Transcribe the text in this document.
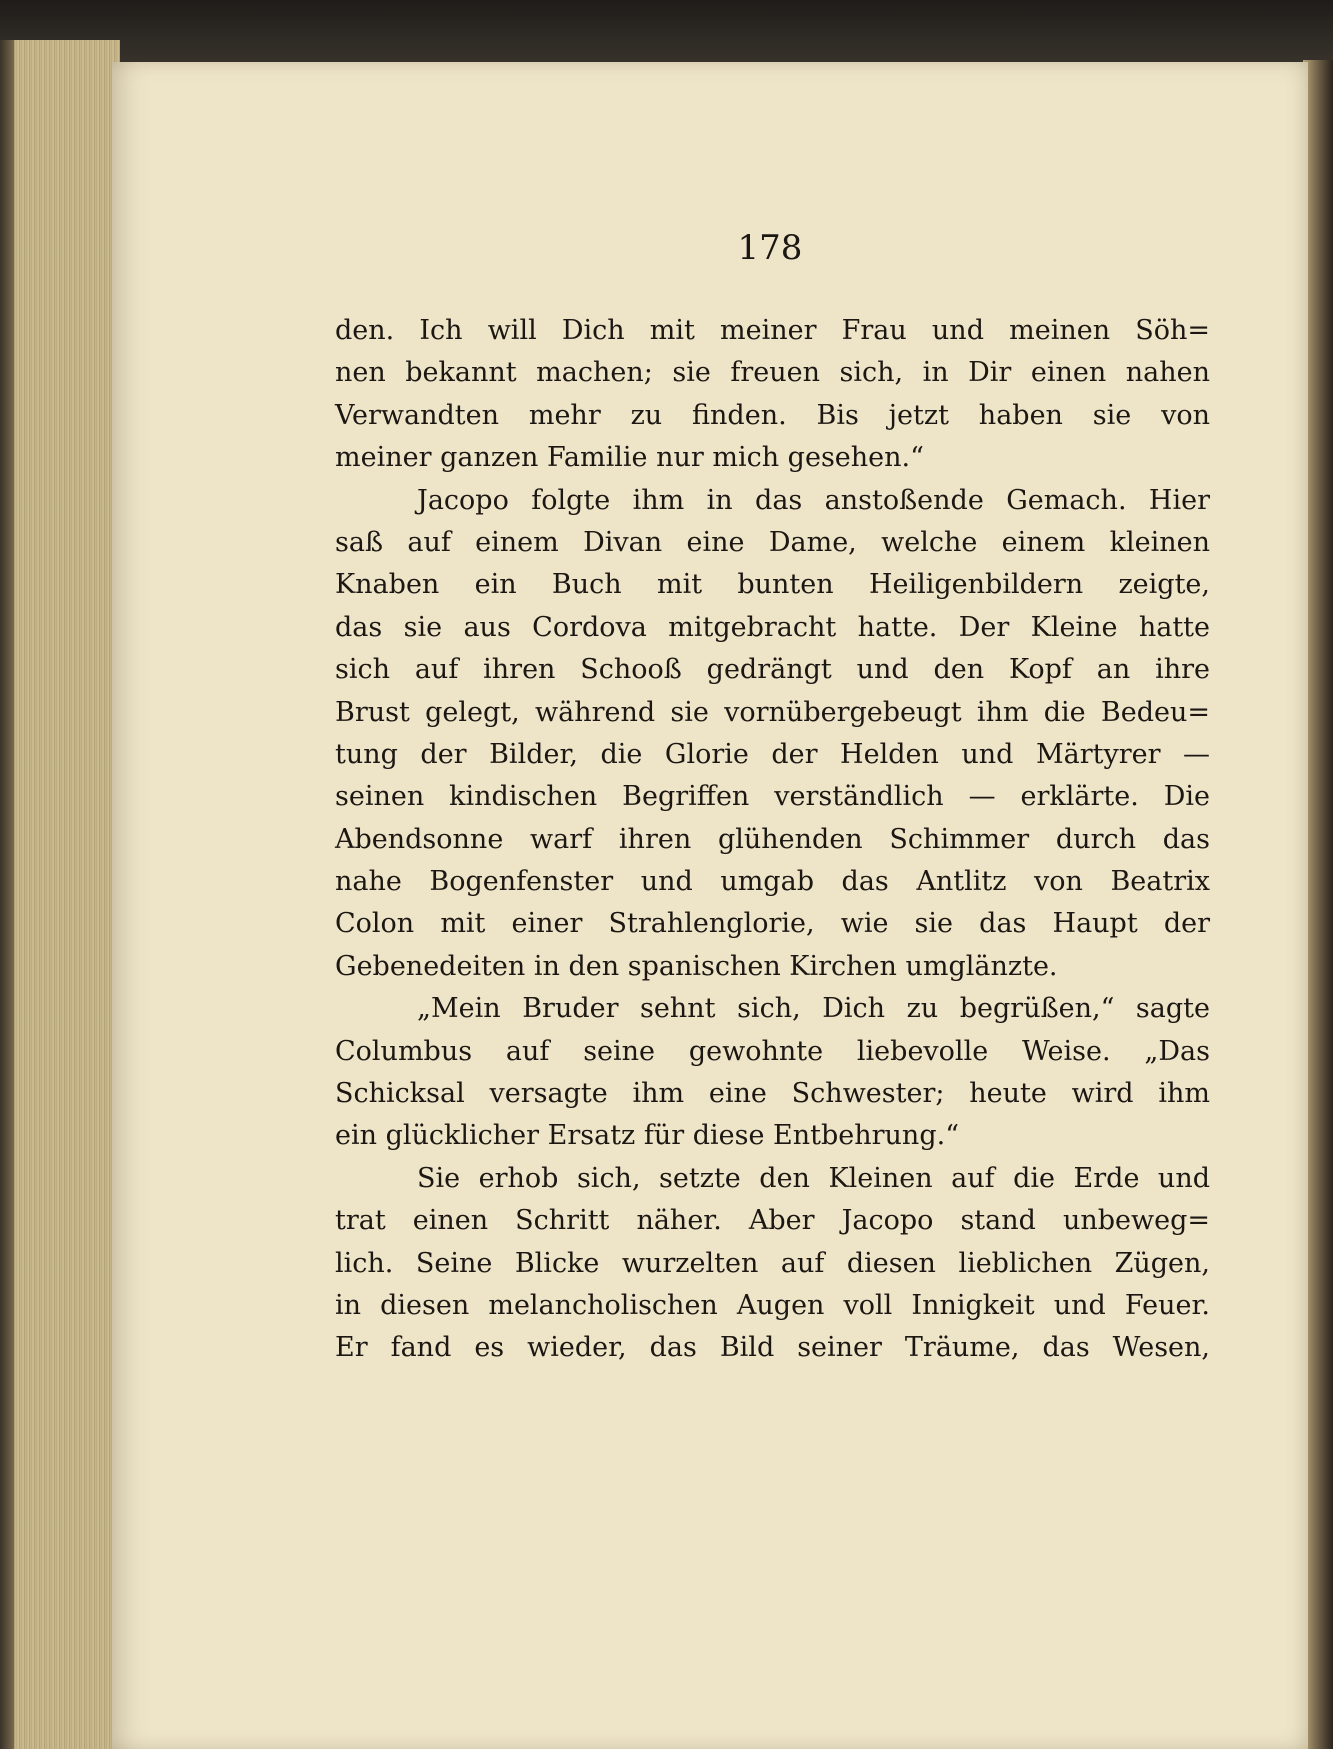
178
den. Ich will Dich mit meiner Frau und meinen Söh=
nen bekannt machen; sie freuen sich, in Dir einen nahen
Verwandten mehr zu finden. Bis jetzt haben sie von
meiner ganzen Familie nur mich gesehen.“
Jacopo folgte ihm in das anstoßende Gemach. Hier
saß auf einem Divan eine Dame, welche einem kleinen
Knaben ein Buch mit bunten Heiligenbildern zeigte,
das sie aus Cordova mitgebracht hatte. Der Kleine hatte
sich auf ihren Schooß gedrängt und den Kopf an ihre
Brust gelegt, während sie vornübergebeugt ihm die Bedeu=
tung der Bilder, die Glorie der Helden und Märtyrer —
seinen kindischen Begriffen verständlich — erklärte. Die
Abendsonne warf ihren glühenden Schimmer durch das
nahe Bogenfenster und umgab das Antlitz von Beatrix
Colon mit einer Strahlenglorie, wie sie das Haupt der
Gebenedeiten in den spanischen Kirchen umglänzte.
„Mein Bruder sehnt sich, Dich zu begrüßen,“ sagte
Columbus auf seine gewohnte liebevolle Weise. „Das
Schicksal versagte ihm eine Schwester; heute wird ihm
ein glücklicher Ersatz für diese Entbehrung.“
Sie erhob sich, setzte den Kleinen auf die Erde und
trat einen Schritt näher. Aber Jacopo stand unbeweg=
lich. Seine Blicke wurzelten auf diesen lieblichen Zügen,
in diesen melancholischen Augen voll Innigkeit und Feuer.
Er fand es wieder, das Bild seiner Träume, das Wesen,
